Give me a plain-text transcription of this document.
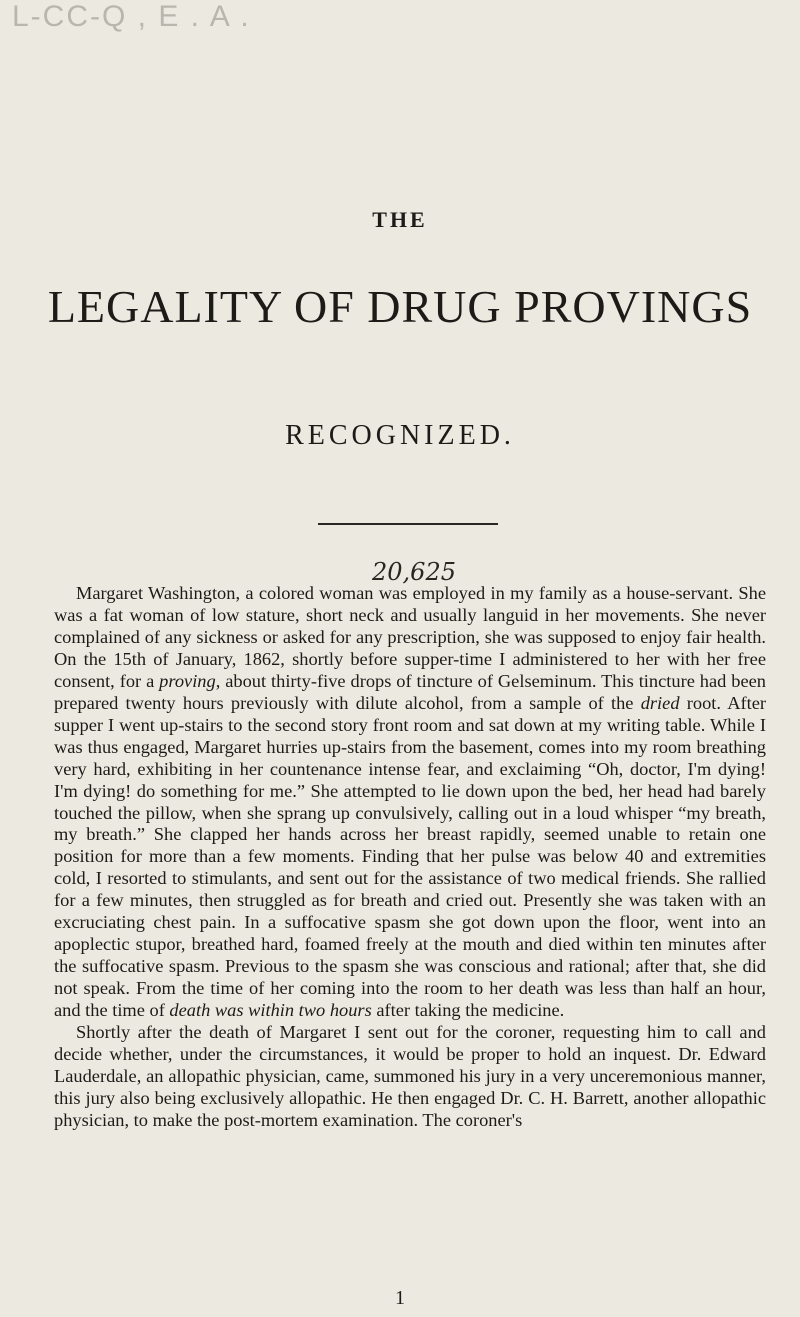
L-CC-Q , E . A .
THE
LEGALITY OF DRUG PROVINGS
RECOGNIZED.
20,625

Margaret Washington, a colored woman was employed in my family as a house-servant. She was a fat woman of low stature, short neck and usually languid in her movements. She never complained of any sickness or asked for any prescription, she was supposed to enjoy fair health. On the 15th of January, 1862, shortly before supper-time I administered to her with her free consent, for a proving, about thirty-five drops of tincture of Gelseminum. This tincture had been prepared twenty hours previously with dilute alcohol, from a sample of the dried root. After supper I went up-stairs to the second story front room and sat down at my writing table. While I was thus engaged, Margaret hurries up-stairs from the basement, comes into my room breathing very hard, exhibiting in her countenance intense fear, and exclaiming “Oh, doctor, I'm dying! I'm dying! do something for me.” She attempted to lie down upon the bed, her head had barely touched the pillow, when she sprang up convulsively, calling out in a loud whisper “my breath, my breath.” She clapped her hands across her breast rapidly, seemed unable to retain one position for more than a few moments. Finding that her pulse was below 40 and extremities cold, I resorted to stimulants, and sent out for the assistance of two medical friends. She rallied for a few minutes, then struggled as for breath and cried out. Presently she was taken with an excruciating chest pain. In a suffocative spasm she got down upon the floor, went into an apoplectic stupor, breathed hard, foamed freely at the mouth and died within ten minutes after the suffocative spasm. Previous to the spasm she was conscious and rational; after that, she did not speak. From the time of her coming into the room to her death was less than half an hour, and the time of death was within two hours after taking the medicine.

Shortly after the death of Margaret I sent out for the coroner, requesting him to call and decide whether, under the circumstances, it would be proper to hold an inquest. Dr. Edward Lauderdale, an allopathic physician, came, summoned his jury in a very unceremonious manner, this jury also being exclusively allopathic. He then engaged Dr. C. H. Barrett, another allopathic physician, to make the post-mortem examination. The coroner's

1
